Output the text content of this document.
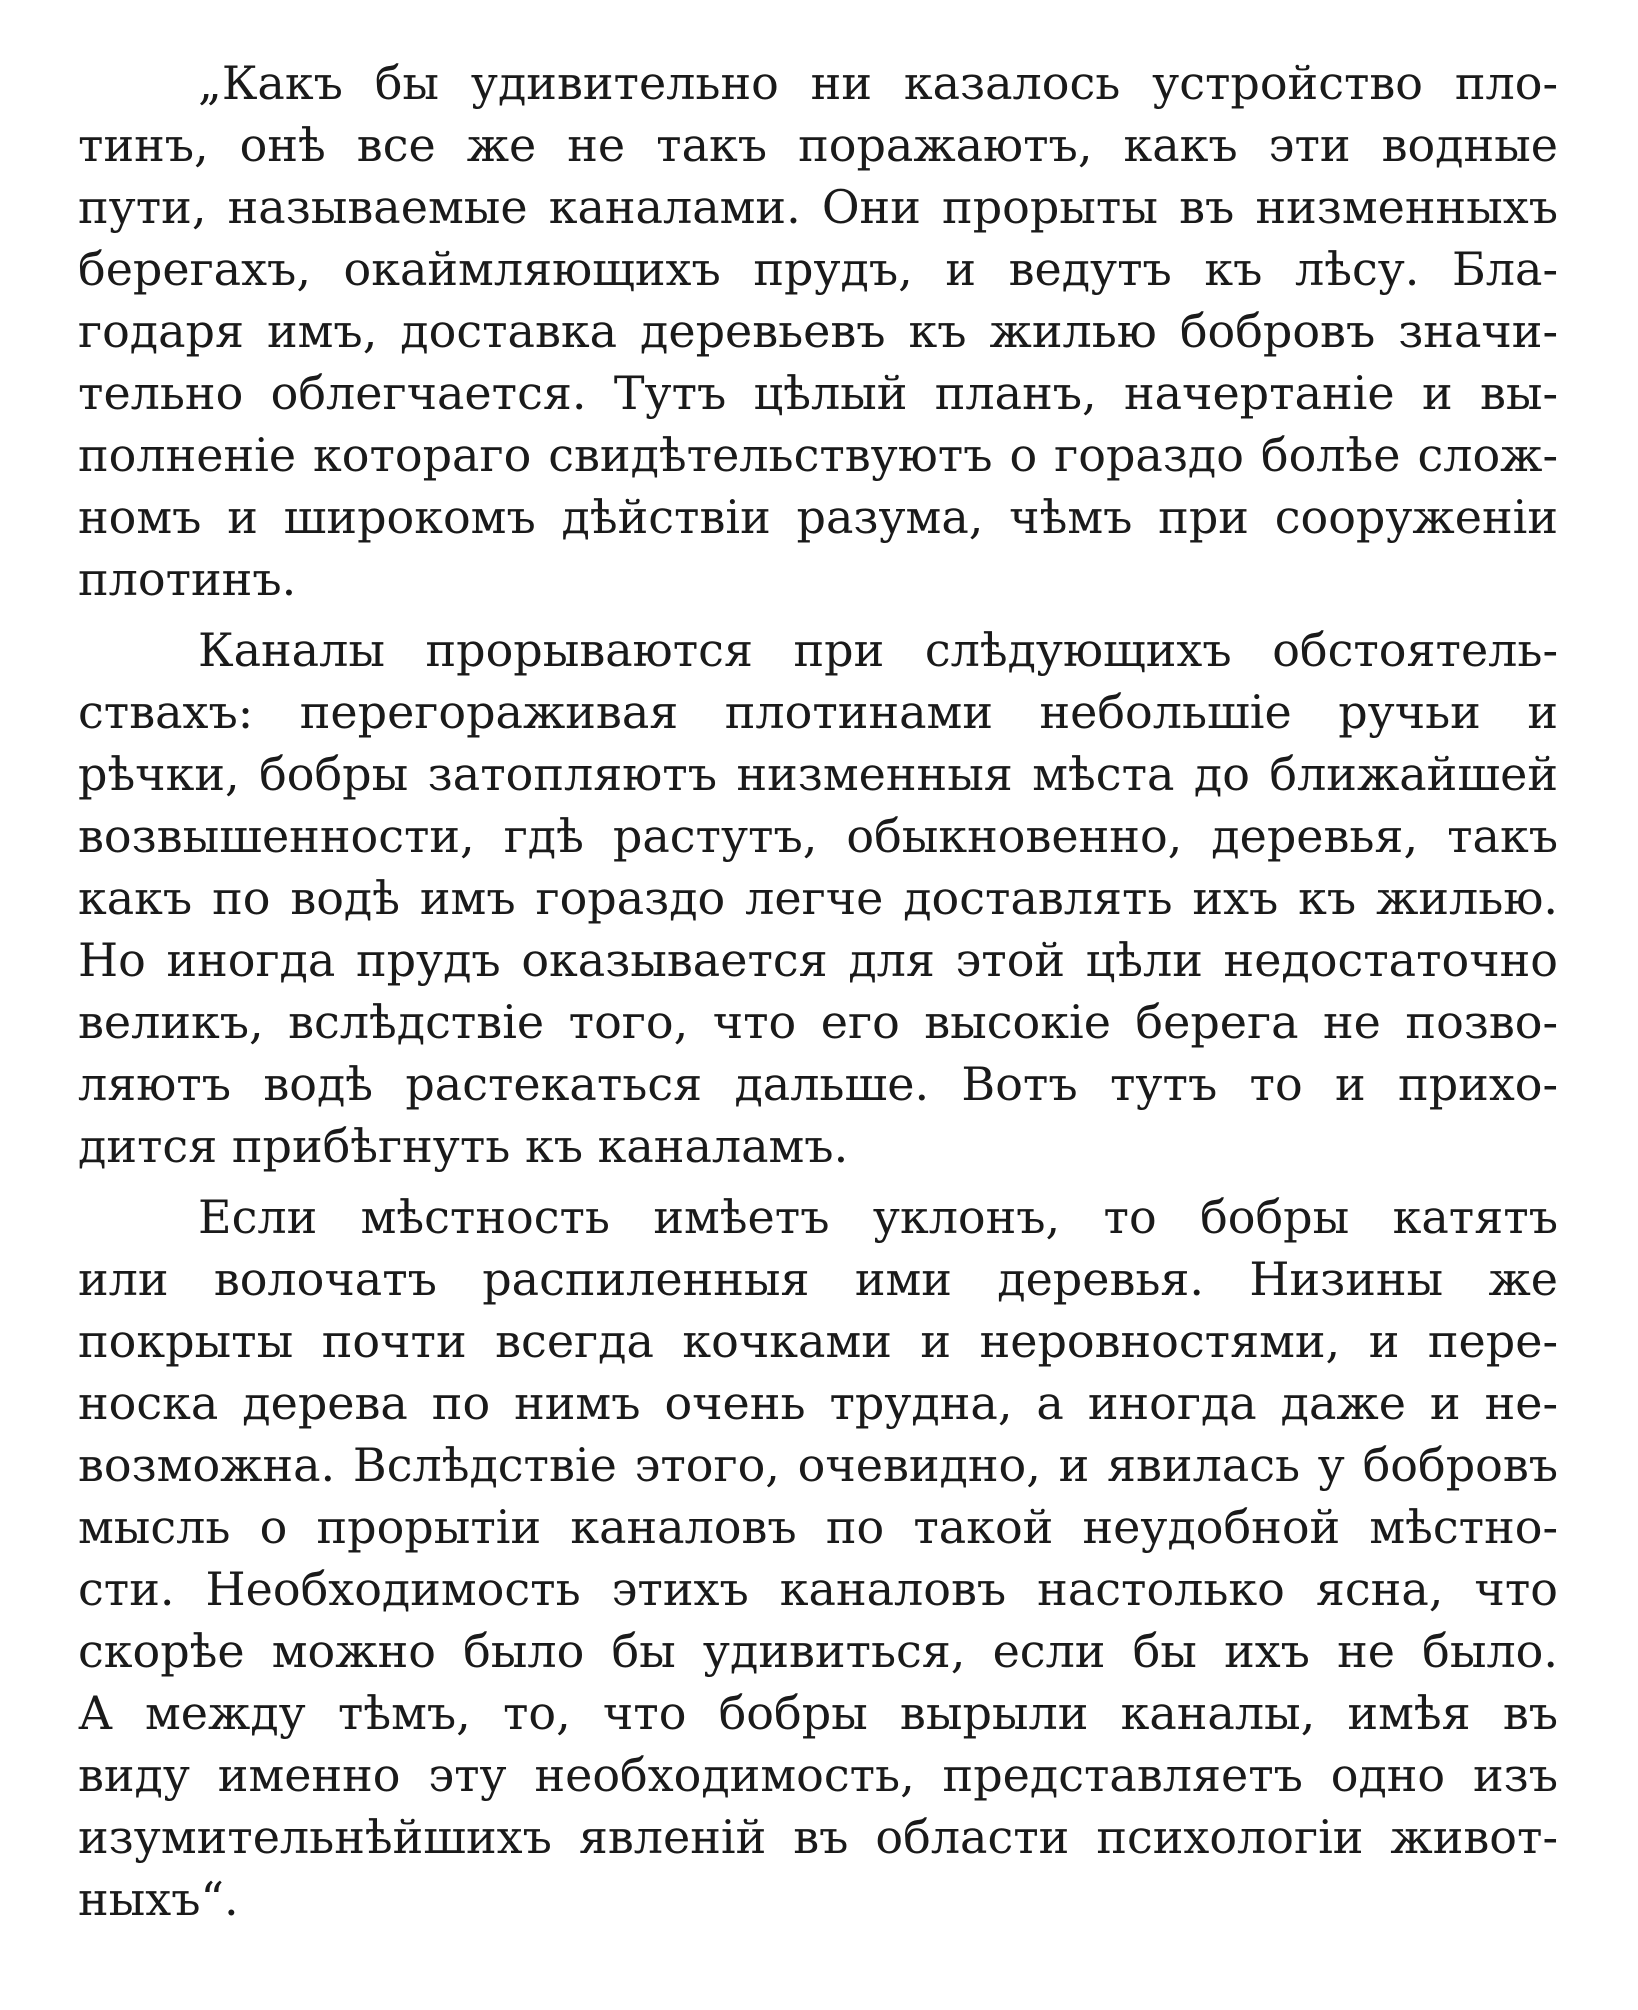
„Какъ бы удивительно ни казалось устройство пло-
тинъ, онѣ все же не такъ поражаютъ, какъ эти водные
пути, называемые каналами. Они прорыты въ низменныхъ
берегахъ, окаймляющихъ прудъ, и ведутъ къ лѣсу. Бла-
годаря имъ, доставка деревьевъ къ жилью бобровъ значи-
тельно облегчается. Тутъ цѣлый планъ, начертаніе и вы-
полненіе котораго свидѣтельствуютъ о гораздо болѣе слож-
номъ и широкомъ дѣйствіи разума, чѣмъ при сооруженіи
плотинъ.

Каналы прорываются при слѣдующихъ обстоятель-
ствахъ: перегораживая плотинами небольшіе ручьи и
рѣчки, бобры затопляютъ низменныя мѣста до ближайшей
возвышенности, гдѣ растутъ, обыкновенно, деревья, такъ
какъ по водѣ имъ гораздо легче доставлять ихъ къ жилью.
Но иногда прудъ оказывается для этой цѣли недостаточно
великъ, вслѣдствіе того, что его высокіе берега не позво-
ляютъ водѣ растекаться дальше. Вотъ тутъ то и прихо-
дится прибѣгнуть къ каналамъ.

Если мѣстность имѣетъ уклонъ, то бобры катятъ
или волочатъ распиленныя ими деревья. Низины же
покрыты почти всегда кочками и неровностями, и пере-
носка дерева по нимъ очень трудна, а иногда даже и не-
возможна. Вслѣдствіе этого, очевидно, и явилась у бобровъ
мысль о прорытіи каналовъ по такой неудобной мѣстно-
сти. Необходимость этихъ каналовъ настолько ясна, что
скорѣе можно было бы удивиться, если бы ихъ не было.
А между тѣмъ, то, что бобры вырыли каналы, имѣя въ
виду именно эту необходимость, представляетъ одно изъ
изумительнѣйшихъ явленій въ области психологіи живот-
ныхъ“.
